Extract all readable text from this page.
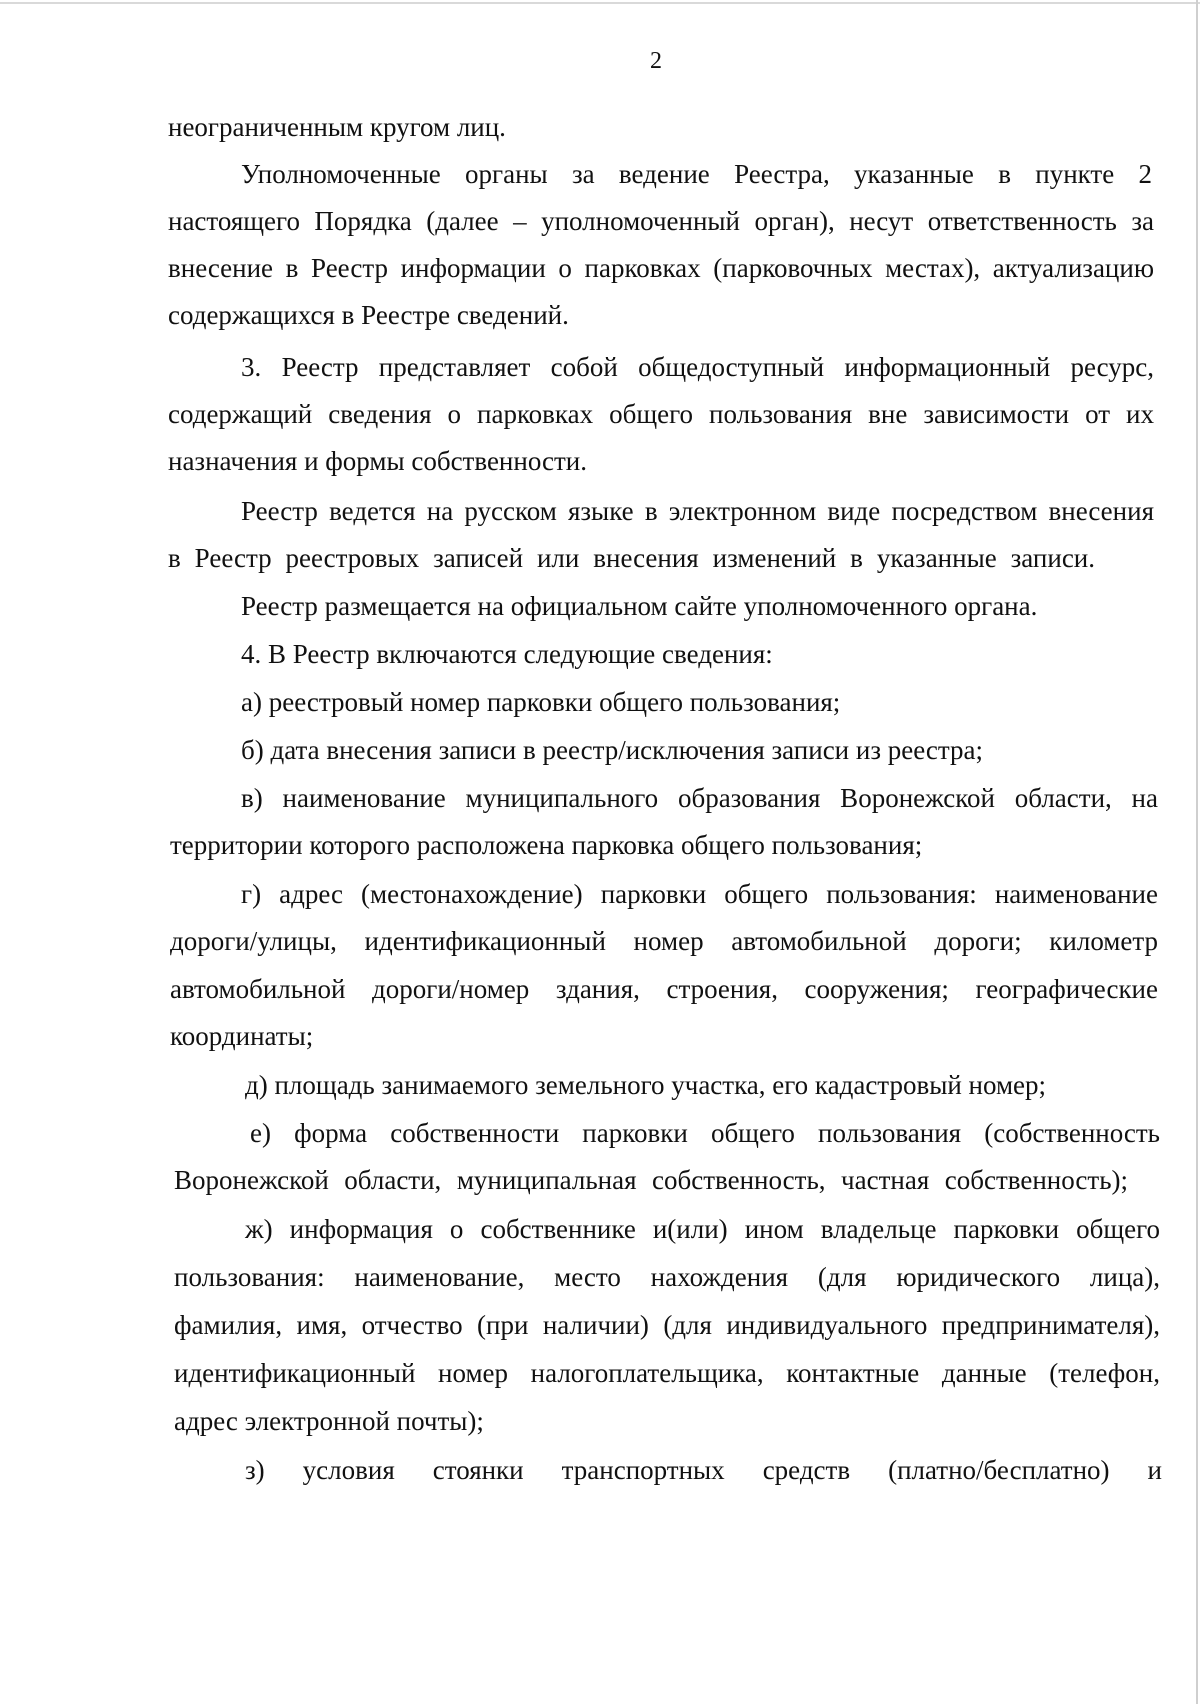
2
неограниченным кругом лиц.
Уполномоченные органы за ведение Реестра, указанные в пункте 2
настоящего Порядка (далее – уполномоченный орган), несут ответственность за
внесение в Реестр информации о парковках (парковочных местах), актуализацию
содержащихся в Реестре сведений.
3. Реестр представляет собой общедоступный информационный ресурс,
содержащий сведения о парковках общего пользования вне зависимости от их
назначения и формы собственности.
Реестр ведется на русском языке в электронном виде посредством внесения
в Реестр реестровых записей или внесения изменений в указанные записи.
Реестр размещается на официальном сайте уполномоченного органа.
4. В Реестр включаются следующие сведения:
а) реестровый номер парковки общего пользования;
б) дата внесения записи в реестр/исключения записи из реестра;
в) наименование муниципального образования Воронежской области, на
территории которого расположена парковка общего пользования;
г) адрес (местонахождение) парковки общего пользования: наименование
дороги/улицы, идентификационный номер автомобильной дороги; километр
автомобильной дороги/номер здания, строения, сооружения; географические
координаты;
д) площадь занимаемого земельного участка, его кадастровый номер;
е) форма собственности парковки общего пользования (собственность
Воронежской области, муниципальная собственность, частная собственность);
ж) информация о собственнике и(или) ином владельце парковки общего
пользования: наименование, место нахождения (для юридического лица),
фамилия, имя, отчество (при наличии) (для индивидуального предпринимателя),
идентификационный номер налогоплательщика, контактные данные (телефон,
адрес электронной почты);
з) условия стоянки транспортных средств (платно/бесплатно) и
